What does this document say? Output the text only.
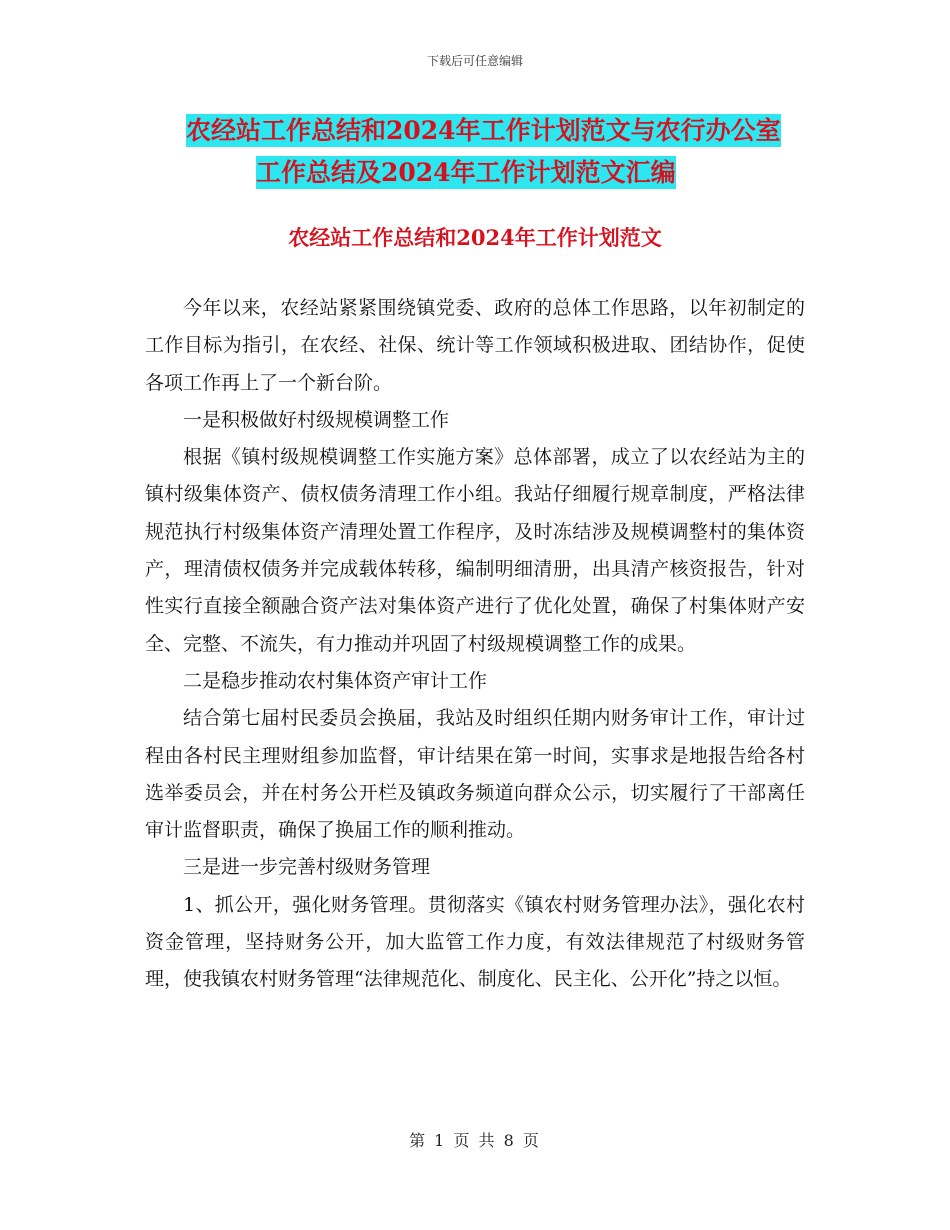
下载后可任意编辑
农经站工作总结和2024年工作计划范文与农行办公室
工作总结及2024年工作计划范文汇编
农经站工作总结和2024年工作计划范文

今年以来，农经站紧紧围绕镇党委、政府的总体工作思路，以年初制定的工作目标为指引，在农经、社保、统计等工作领域积极进取、团结协作，促使各项工作再上了一个新台阶。

一是积极做好村级规模调整工作

根据《镇村级规模调整工作实施方案》总体部署，成立了以农经站为主的镇村级集体资产、债权债务清理工作小组。我站仔细履行规章制度，严格法律规范执行村级集体资产清理处置工作程序，及时冻结涉及规模调整村的集体资产，理清债权债务并完成载体转移，编制明细清册，出具清产核资报告，针对性实行直接全额融合资产法对集体资产进行了优化处置，确保了村集体财产安全、完整、不流失，有力推动并巩固了村级规模调整工作的成果。

二是稳步推动农村集体资产审计工作

结合第七届村民委员会换届，我站及时组织任期内财务审计工作，审计过程由各村民主理财组参加监督，审计结果在第一时间，实事求是地报告给各村选举委员会，并在村务公开栏及镇政务频道向群众公示，切实履行了干部离任审计监督职责，确保了换届工作的顺利推动。

三是进一步完善村级财务管理

1、抓公开，强化财务管理。贯彻落实《镇农村财务管理办法》，强化农村资金管理，坚持财务公开，加大监管工作力度，有效法律规范了村级财务管理，使我镇农村财务管理“法律规范化、制度化、民主化、公开化”持之以恒。

第 1 页 共 8 页
